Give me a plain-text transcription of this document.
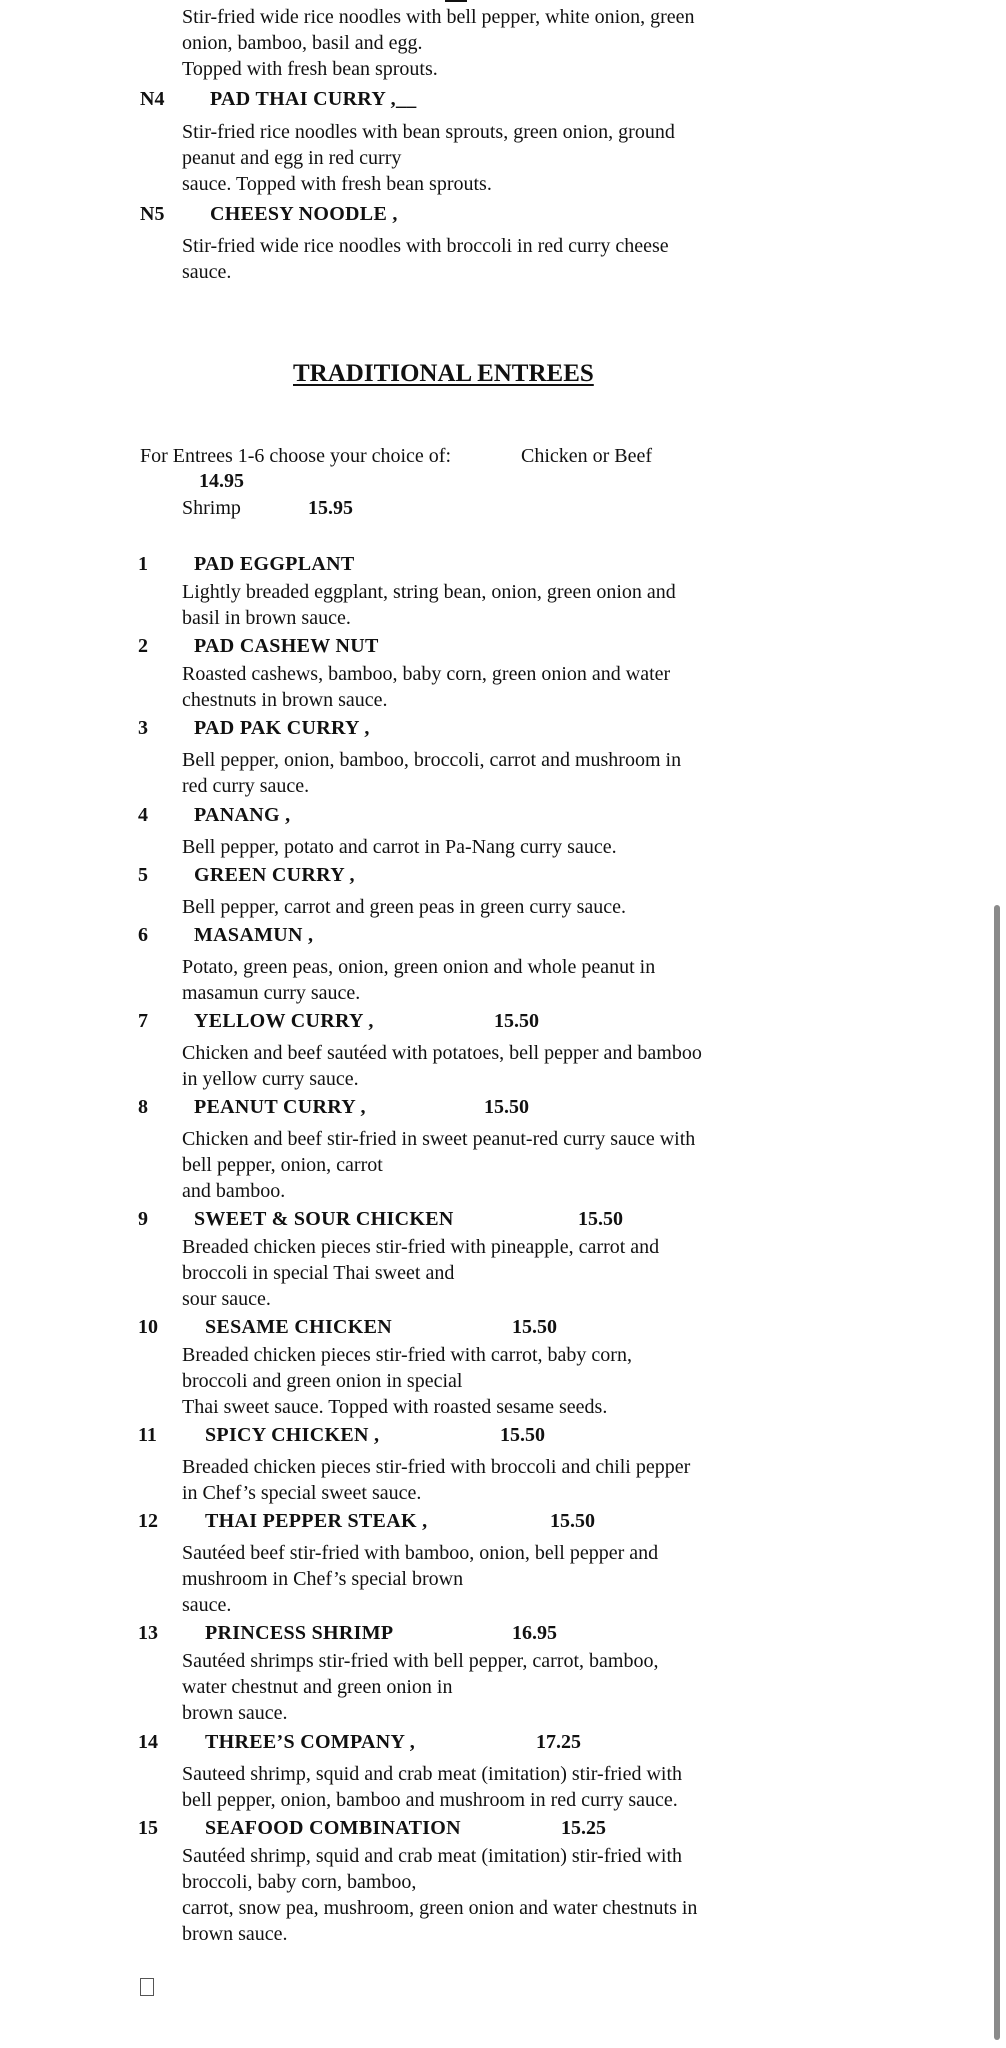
Stir-fried wide rice noodles with bell pepper, white onion, green
onion, bamboo, basil and egg.
Topped with fresh bean sprouts.
N4 PAD THAI CURRY ,__
Stir-fried rice noodles with bean sprouts, green onion, ground
peanut and egg in red curry
sauce. Topped with fresh bean sprouts.
N5 CHEESY NOODLE ,
Stir-fried wide rice noodles with broccoli in red curry cheese
sauce.
TRADITIONAL ENTREES
For Entrees 1-6 choose your choice of:	Chicken or Beef
14.95
Shrimp	15.95
1 PAD EGGPLANT
Lightly breaded eggplant, string bean, onion, green onion and
basil in brown sauce.
2 PAD CASHEW NUT
Roasted cashews, bamboo, baby corn, green onion and water
chestnuts in brown sauce.
3 PAD PAK CURRY ,
Bell pepper, onion, bamboo, broccoli, carrot and mushroom in
red curry sauce.
4 PANANG ,
Bell pepper, potato and carrot in Pa-Nang curry sauce.
5 GREEN CURRY ,
Bell pepper, carrot and green peas in green curry sauce.
6 MASAMUN ,
Potato, green peas, onion, green onion and whole peanut in
masamun curry sauce.
7 YELLOW CURRY ,	15.50
Chicken and beef sautéed with potatoes, bell pepper and bamboo
in yellow curry sauce.
8 PEANUT CURRY ,	15.50
Chicken and beef stir-fried in sweet peanut-red curry sauce with
bell pepper, onion, carrot
and bamboo.
9 SWEET & SOUR CHICKEN	15.50
Breaded chicken pieces stir-fried with pineapple, carrot and
broccoli in special Thai sweet and
sour sauce.
10 SESAME CHICKEN	15.50
Breaded chicken pieces stir-fried with carrot, baby corn,
broccoli and green onion in special
Thai sweet sauce. Topped with roasted sesame seeds.
11 SPICY CHICKEN ,	15.50
Breaded chicken pieces stir-fried with broccoli and chili pepper
in Chef’s special sweet sauce.
12 THAI PEPPER STEAK ,	15.50
Sautéed beef stir-fried with bamboo, onion, bell pepper and
mushroom in Chef’s special brown
sauce.
13 PRINCESS SHRIMP	16.95
Sautéed shrimps stir-fried with bell pepper, carrot, bamboo,
water chestnut and green onion in
brown sauce.
14 THREE’S COMPANY ,	17.25
Sauteed shrimp, squid and crab meat (imitation) stir-fried with
bell pepper, onion, bamboo and mushroom in red curry sauce.
15 SEAFOOD COMBINATION	15.25
Sautéed shrimp, squid and crab meat (imitation) stir-fried with
broccoli, baby corn, bamboo,
carrot, snow pea, mushroom, green onion and water chestnuts in
brown sauce.
